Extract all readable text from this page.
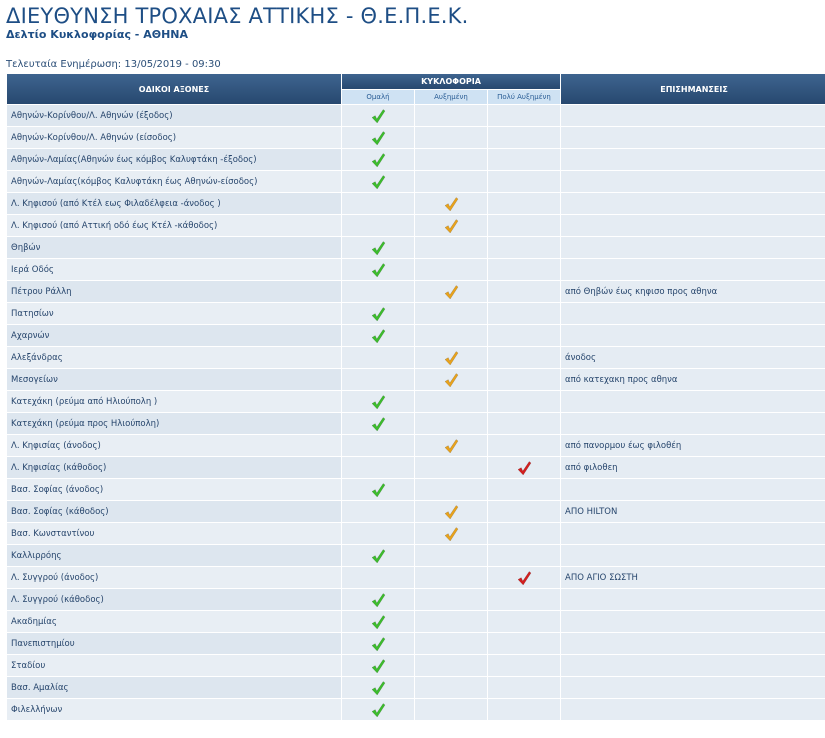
ΔΙΕΥΘΥΝΣΗ ΤΡΟΧΑΙΑΣ ΑΤΤΙΚΗΣ - Θ.Ε.Π.Ε.Κ.
Δελτίο Κυκλοφορίας - ΑΘΗΝΑ
Τελευταία Ενημέρωση: 13/05/2019 - 09:30
ΟΔΙΚΟΙ ΑΞΟΝΕΣ	ΚΥΚΛΟΦΟΡΙΑ			ΕΠΙΣΗΜΑΝΣΕΙΣ
	Ομαλή	Αυξημένη	Πολύ Αυξημένη	
Αθηνών-Κορίνθου/Λ. Αθηνών (έξοδος)	

Αθηνών-Κορίνθου/Λ. Αθηνών (είσοδος)	

Αθηνών-Λαμίας(Αθηνών έως κόμβος Καλυφτάκη -έξοδος)	

Αθηνών-Λαμίας(κόμβος Καλυφτάκη έως Αθηνών-είσοδος)	

Λ. Κηφισού (από Κτέλ εως Φιλαδέλφεια -άνοδος )		

Λ. Κηφισού (από Αττική οδό έως Κτέλ -κάθοδος)		

Θηβών	

Ιερά Οδός	

Πέτρου Ράλλη				από Θηβών έως κηφισο προς αθηνα
Πατησίων	

Αχαρνών	

Αλεξάνδρας				άνοδος
Μεσογείων				από κατεχακη προς αθηνα
Κατεχάκη (ρεύμα από Ηλιούπολη )	

Κατεχάκη (ρεύμα προς Ηλιούπολη)	

Λ. Κηφισίας (άνοδος)				από πανορμου έως φιλοθέη
Λ. Κηφισίας (κάθοδος)				από φιλοθεη
Βασ. Σοφίας (άνοδος)	

Βασ. Σοφίας (κάθοδος)				ΑΠΟ HILTON
Βασ. Κωνσταντίνου		

Καλλιρρόης	

Λ. Συγγρού (άνοδος)				ΑΠΟ ΑΓΙΟ ΣΩΣΤΗ
Λ. Συγγρού (κάθοδος)	

Ακαδημίας	

Πανεπιστημίου	

Σταδίου	

Βασ. Αμαλίας	

Φιλελλήνων	
